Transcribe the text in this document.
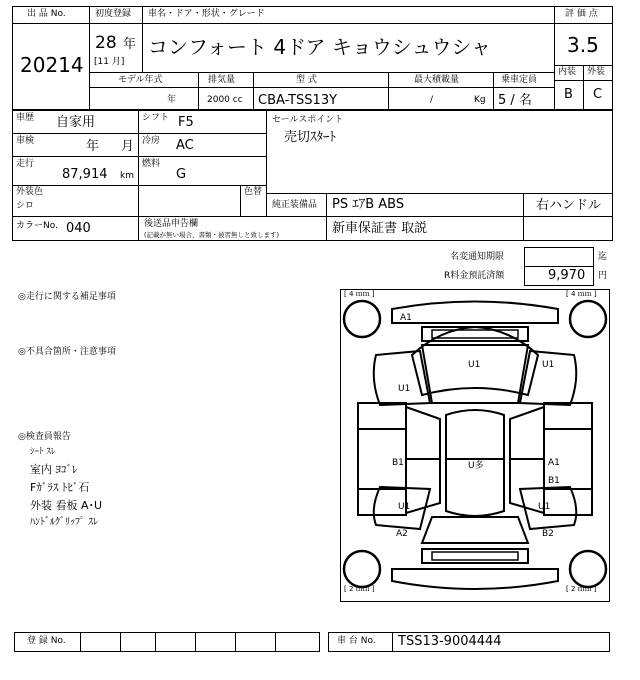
出 品 No.
20214
初度登録 車名・ドア・形状・グレード
28 年
[11 月]
コンフォート 4ドア キョウシュウシャ
評 価 点
3.5
内装 外装
B C
モデル年式	排気量	型 式	最大積載量	乗車定員
年	2000 cc CBA-TSS13Y	/	Kg 5 / 名
車歴 自家用	シフト F5	セールスポイント
売切ｽﾀｰﾄ
車検	年 月 冷房 AC
走行
87,914 km
燃料
G
外装色
シロ
色替
純正装備品 PS ｴｱB ABS	右ハンドル
カラーNo. 040	後送品申告欄
(記載が無い場合、書類・被習無しと致します)	新車保証書 取説
名変通知期限	迄
R料金預託済額	9,970 円
◎走行に関する補足事項
◎不具合箇所・注意事項
◎検査員報告
ｼｰﾄ ｽﾚ
室内 ﾖｺﾞﾚ
Fｶﾞﾗｽ ﾄﾋﾞ石
外装 看板 A･U
ﾊﾝﾄﾞﾙｸﾞﾘｯﾌﾟ ｽﾚ
[ 4 ｍｍ ]	[ 4 ｍｍ ]
[ 2 ｍｍ ]	[ 2 ｍｍ ]
A1
U1
U1
U1
B1	U多	A1
B1
U1	U1
A2	B2
登 録 No.	車 台 No. TSS13-9004444
